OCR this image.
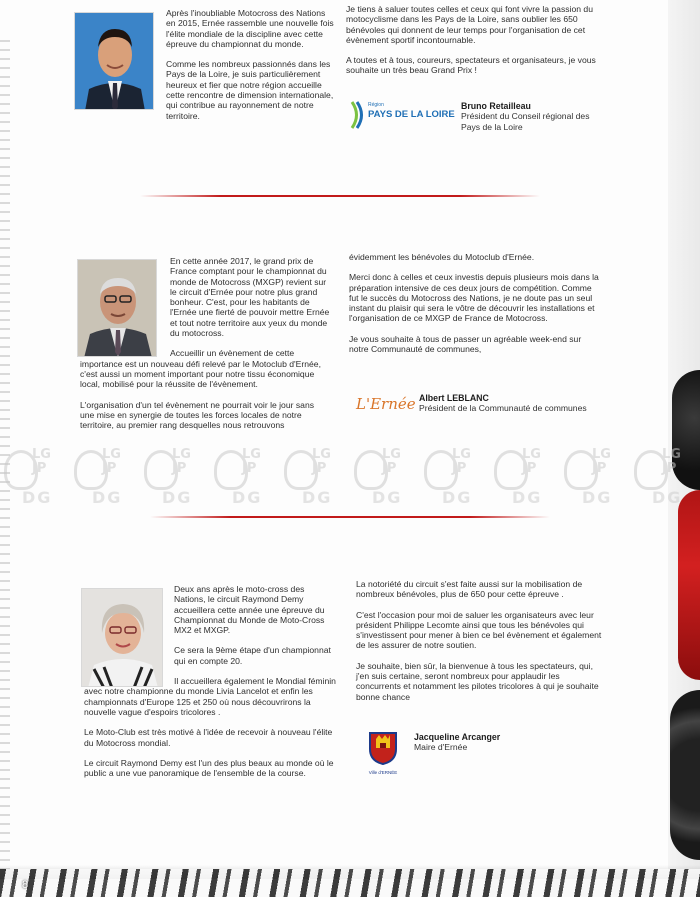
Après l'inoubliable Motocross des Nations en 2015, Ernée rassemble une nouvelle fois l'élite mondiale de la discipline avec cette épreuve du championnat du monde.
Comme les nombreux passionnés dans les Pays de la Loire, je suis particulièrement heureux et fier que notre région accueille cette rencontre de dimension internationale, qui contribue au rayonnement de notre territoire.
Je tiens à saluer toutes celles et ceux qui font vivre la passion du motocyclisme dans les Pays de la Loire, sans oublier les 650 bénévoles qui donnent de leur temps pour l'organisation de cet évènement sportif incontournable.
A toutes et à tous, coureurs, spectateurs et organisateurs, je vous souhaite un très beau Grand Prix !
Région
PAYS DE LA LOIRE
Bruno Retailleau
Président du Conseil régional des Pays de la Loire
En cette année 2017, le grand prix de France comptant pour le championnat du monde de Motocross (MXGP) revient sur le circuit d'Ernée pour notre plus grand bonheur. C'est, pour les habitants de l'Ernée une fierté de pouvoir mettre Ernée et tout notre territoire aux yeux du monde du motocross.
Accueillir un évènement de cette importance est un nouveau défi relevé par le Motoclub d'Ernée, c'est aussi un moment important pour notre tissu économique local, mobilisé pour la réussite de l'évènement.
L'organisation d'un tel évènement ne pourrait voir le jour sans une mise en synergie de toutes les forces locales de notre territoire, au premier rang desquelles nous retrouvons
évidemment les bénévoles du Motoclub d'Ernée.
Merci donc à celles et ceux investis depuis plusieurs mois dans la préparation intensive de ces deux jours de compétition. Comme fut le succès du Motocross des Nations, je ne doute pas un seul instant du plaisir qui sera le vôtre de découvrir les installations et l'organisation de ce MXGP de France de Motocross.
Je vous souhaite à tous de passer un agréable week-end sur notre Communauté de communes,
L'Ernée Albert LEBLANC
Président de la Communauté de communes
LG
JP
DG
LG
JP
DG
LG
JP
DG
LG
JP
DG
LG
JP
DG
LG
JP
DG
LG
JP
DG
LG
JP
DG
LG
JP
DG
LG
JP
DG
Deux ans après le moto-cross des Nations, le circuit Raymond Demy accueillera cette année une épreuve du Championnat du Monde de Moto-Cross MX2 et MXGP.
Ce sera la 9ème étape d'un championnat qui en compte 20.
Il accueillera également le Mondial féminin avec notre championne du monde Livia Lancelot et enfin les championnats d'Europe 125 et 250 où nous découvrirons la nouvelle vague d'espoirs tricolores .
Le Moto-Club est très motivé à l'idée de recevoir à nouveau l'élite du Motocross mondial.
Le circuit Raymond Demy est l'un des plus beaux au monde où le public a une vue panoramique de l'ensemble de la course.
La notoriété du circuit s'est faite aussi sur la mobilisation de nombreux bénévoles, plus de 650 pour cette épreuve .
C'est l'occasion pour moi de saluer les organisateurs avec leur président Philippe Lecomte ainsi que tous les bénévoles qui s'investissent pour mener à bien ce bel évènement et également de les assurer de notre soutien.
Je souhaite, bien sûr, la bienvenue à tous les spectateurs, qui, j'en suis certaine, seront nombreux pour applaudir les concurrents et notamment les pilotes tricolores à qui je souhaite bonne chance
Ville d'ERNÉE
Jacqueline Arcanger
Maire d'Ernée
8
